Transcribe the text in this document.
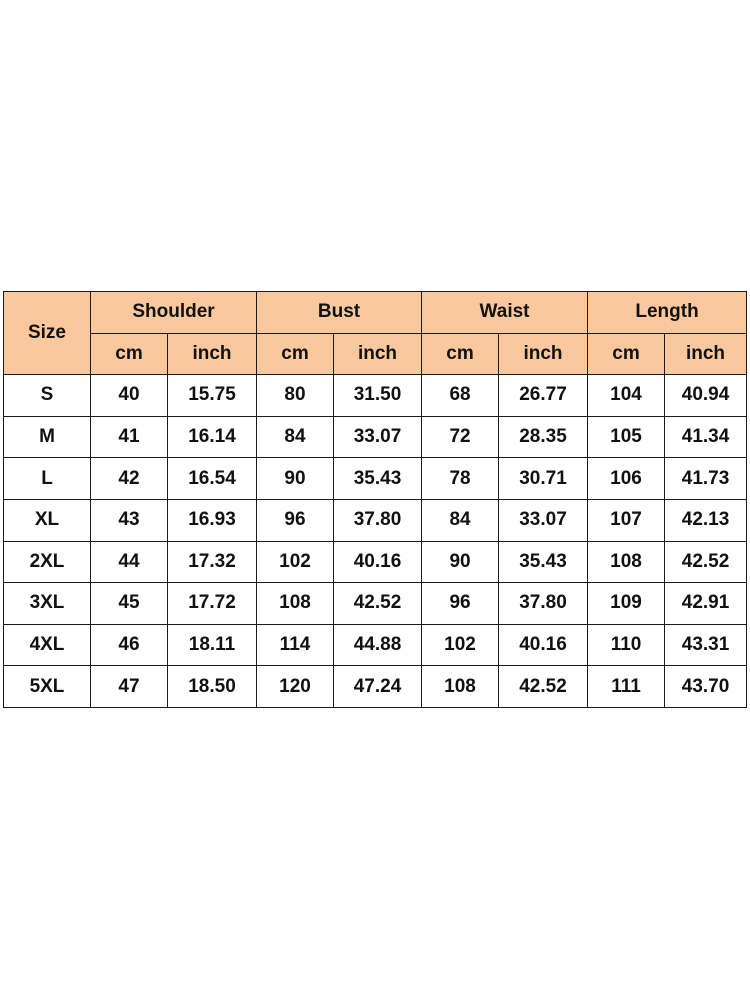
Size	Shoulder		Bust		Waist		Length	
	cm	inch	cm	inch	cm	inch	cm	inch
S	40	15.75	80	31.50	68	26.77	104	40.94
M	41	16.14	84	33.07	72	28.35	105	41.34
L	42	16.54	90	35.43	78	30.71	106	41.73
XL	43	16.93	96	37.80	84	33.07	107	42.13
2XL	44	17.32	102	40.16	90	35.43	108	42.52
3XL	45	17.72	108	42.52	96	37.80	109	42.91
4XL	46	18.11	114	44.88	102	40.16	110	43.31
5XL	47	18.50	120	47.24	108	42.52	111	43.70
